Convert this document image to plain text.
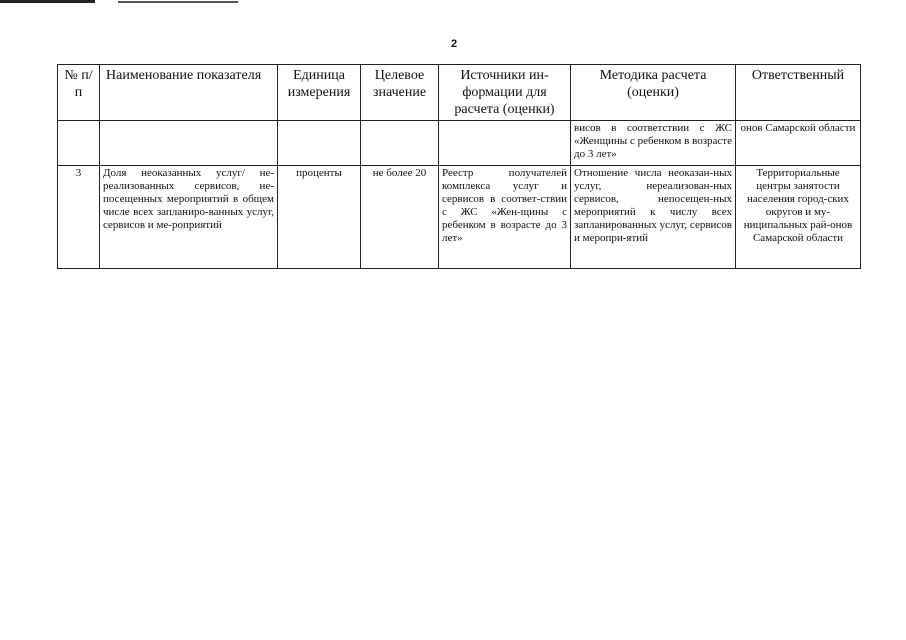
2
№ п/п	Наименование показателя	Единица измерения	Целевое значение	Источники ин-формации для расчета (оценки)	Методика расчета (оценки)	Ответственный
					висов в соответствии с ЖС «Женщины с ребенком в возрасте до 3 лет»	онов Самарской области
3	Доля неоказанных услуг/ не-реализованных сервисов, не-посещенных мероприятий в общем числе всех запланиро-ванных услуг, сервисов и ме-роприятий	проценты	не более 20	Реестр получателей комплекса услуг и сервисов в соответ-ствии с ЖС «Жен-щины с ребенком в возрасте до 3 лет»	Отношение числа неоказан-ных услуг, нереализован-ных сервисов, непосещен-ных мероприятий к числу всех запланированных услуг, сервисов и меропри-ятий	Территориальные центры занятости населения город-ских округов и му-ниципальных рай-онов Самарской области
